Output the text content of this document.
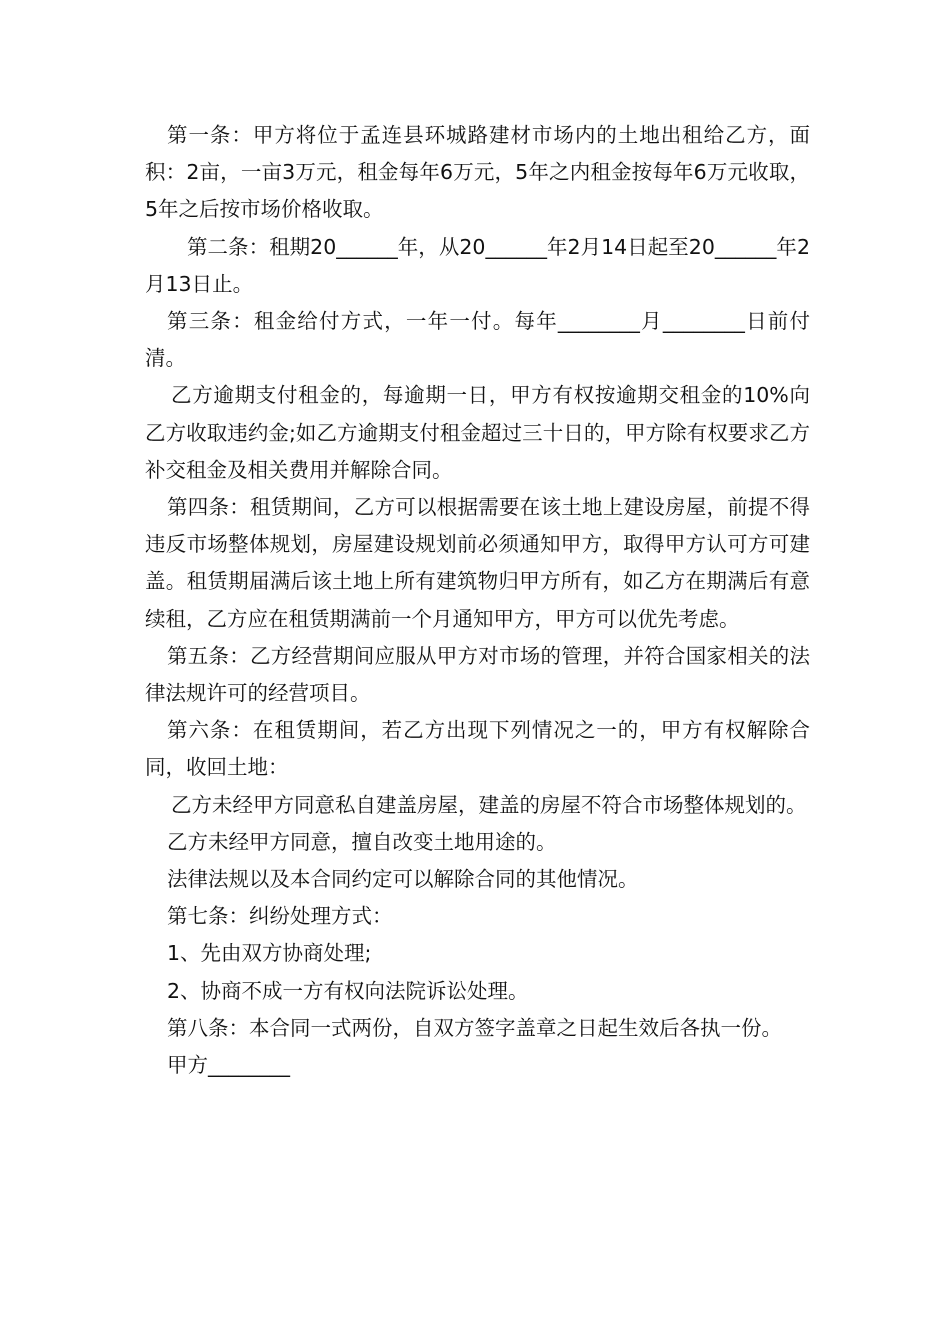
第一条：甲方将位于孟连县环城路建材市场内的土地出租给乙方，面积：2亩，一亩3万元，租金每年6万元，5年之内租金按每年6万元收取，5年之后按市场价格收取。

第二条：租期20______年，从20______年2月14日起至20______年2月13日止。

第三条：租金给付方式，一年一付。每年________月________日前付清。

乙方逾期支付租金的，每逾期一日，甲方有权按逾期交租金的10%向乙方收取违约金;如乙方逾期支付租金超过三十日的，甲方除有权要求乙方补交租金及相关费用并解除合同。

第四条：租赁期间，乙方可以根据需要在该土地上建设房屋，前提不得违反市场整体规划，房屋建设规划前必须通知甲方，取得甲方认可方可建盖。租赁期届满后该土地上所有建筑物归甲方所有，如乙方在期满后有意续租，乙方应在租赁期满前一个月通知甲方，甲方可以优先考虑。

第五条：乙方经营期间应服从甲方对市场的管理，并符合国家相关的法律法规许可的经营项目。

第六条：在租赁期间，若乙方出现下列情况之一的，甲方有权解除合同，收回土地：

乙方未经甲方同意私自建盖房屋，建盖的房屋不符合市场整体规划的。

乙方未经甲方同意，擅自改变土地用途的。

法律法规以及本合同约定可以解除合同的其他情况。

第七条：纠纷处理方式：

1、先由双方协商处理;

2、协商不成一方有权向法院诉讼处理。

第八条：本合同一式两份，自双方签字盖章之日起生效后各执一份。

甲方________
